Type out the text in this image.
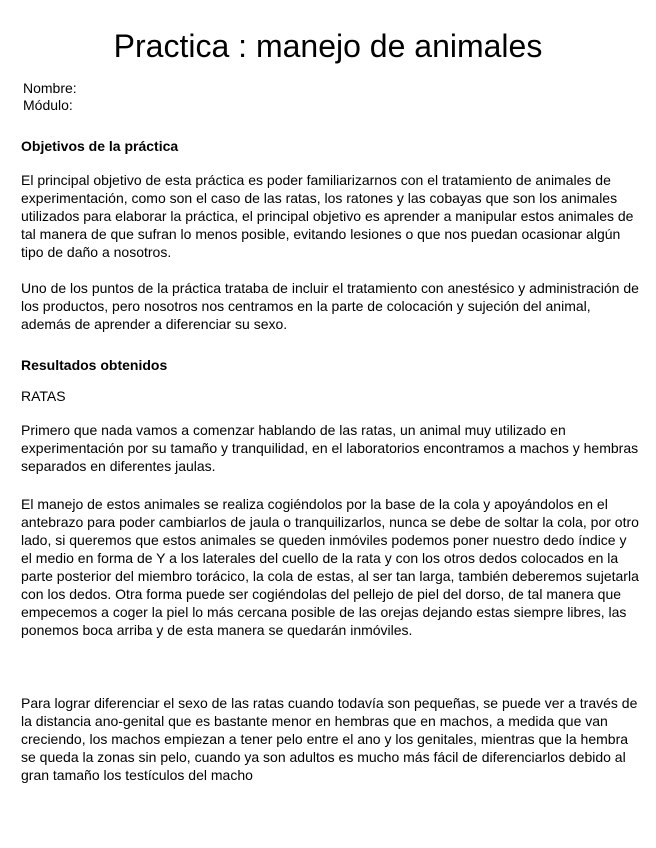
Practica : manejo de animales
Nombre:
Módulo:
Objetivos de la práctica

El principal objetivo de esta práctica es poder familiarizarnos con el tratamiento de animales de experimentación, como son el caso de las ratas, los ratones y las cobayas que son los animales utilizados para elaborar la práctica, el principal objetivo es aprender a manipular estos animales de tal manera de que sufran lo menos posible, evitando lesiones o que nos puedan ocasionar algún tipo de daño a nosotros.

Uno de los puntos de la práctica trataba de incluir el tratamiento con anestésico y administración de los productos, pero nosotros nos centramos en la parte de colocación y sujeción del animal, además de aprender a diferenciar su sexo.

Resultados obtenidos
RATAS

Primero que nada vamos a comenzar hablando de las ratas, un animal muy utilizado en experimentación por su tamaño y tranquilidad, en el laboratorios encontramos a machos y hembras separados en diferentes jaulas.

El manejo de estos animales se realiza cogiéndolos por la base de la cola y apoyándolos en el antebrazo para poder cambiarlos de jaula o tranquilizarlos, nunca se debe de soltar la cola, por otro lado, si queremos que estos animales se queden inmóviles podemos poner nuestro dedo índice y el medio en forma de Y a los laterales del cuello de la rata y con los otros dedos colocados en la parte posterior del miembro torácico, la cola de estas, al ser tan larga, también deberemos sujetarla con los dedos. Otra forma puede ser cogiéndolas del pellejo de piel del dorso, de tal manera que empecemos a coger la piel lo más cercana posible de las orejas dejando estas siempre libres, las ponemos boca arriba y de esta manera se quedarán inmóviles.

Para lograr diferenciar el sexo de las ratas cuando todavía son pequeñas, se puede ver a través de la distancia ano-genital que es bastante menor en hembras que en machos, a medida que van creciendo, los machos empiezan a tener pelo entre el ano y los genitales, mientras que la hembra se queda la zonas sin pelo, cuando ya son adultos es mucho más fácil de diferenciarlos debido al gran tamaño los testículos del macho
